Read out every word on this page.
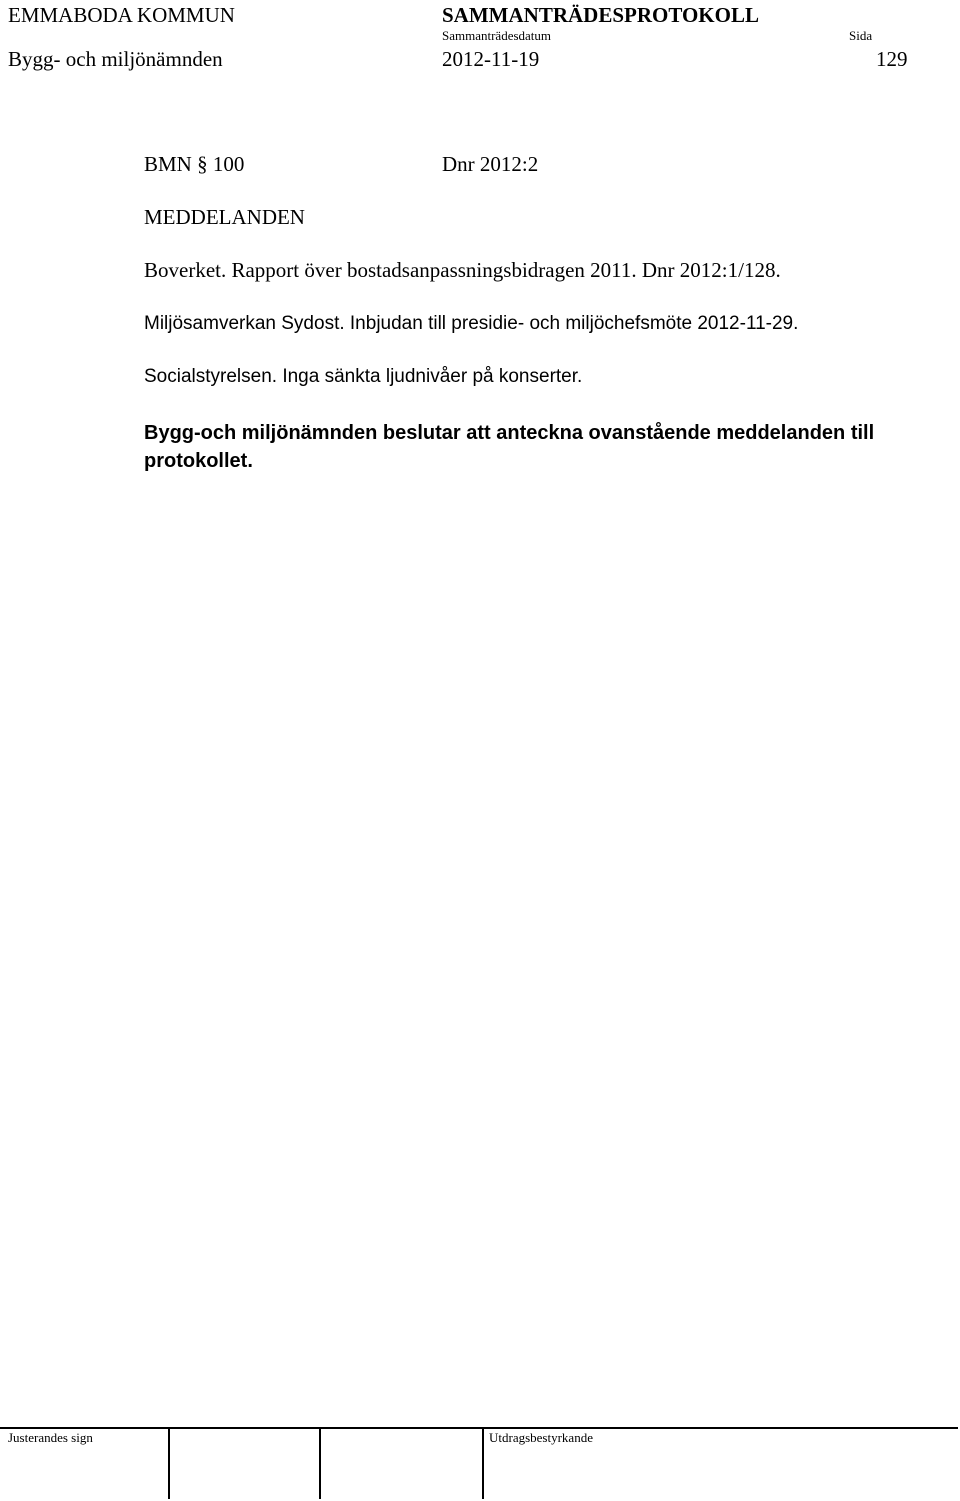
EMMABODA KOMMUN
Bygg- och miljönämnden
SAMMANTRÄDESPROTOKOLL
Sammanträdesdatum
2012-11-19
Sida
129
BMN § 100	Dnr 2012:2
MEDDELANDEN
Boverket. Rapport över bostadsanpassningsbidragen 2011. Dnr 2012:1/128.
Miljösamverkan Sydost. Inbjudan till presidie- och miljöchefsmöte 2012-11-29.
Socialstyrelsen. Inga sänkta ljudnivåer på konserter.
Bygg-och miljönämnden beslutar att anteckna ovanstående meddelanden till protokollet.
Justerandes sign	Utdragsbestyrkande
